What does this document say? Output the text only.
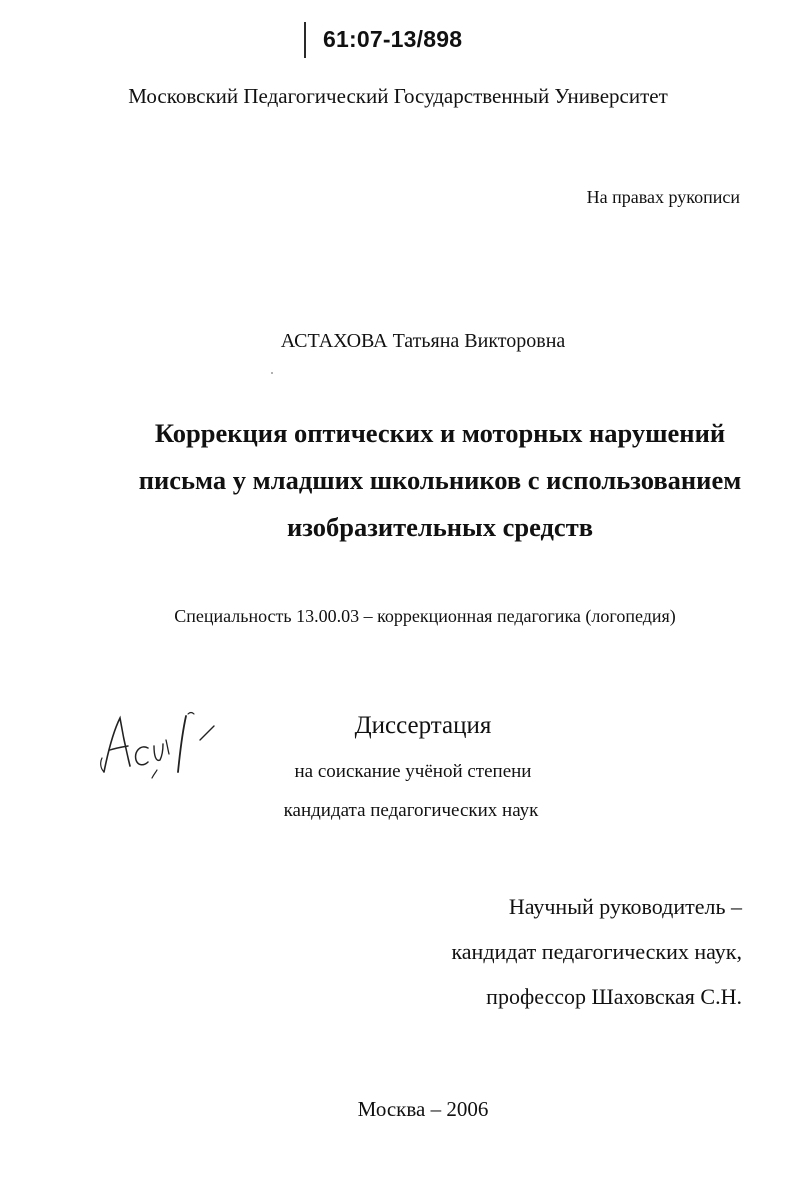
61:07-13/898
Московский Педагогический Государственный Университет
На правах рукописи
АСТАХОВА Татьяна Викторовна
Коррекция оптических и моторных нарушений
письма у младших школьников с использованием
изобразительных средств
Специальность 13.00.03 – коррекционная педагогика (логопедия)
Диссертация
на соискание учёной степени
кандидата педагогических наук
Научный руководитель –
кандидат педагогических наук,
профессор Шаховская С.Н.
Москва – 2006
